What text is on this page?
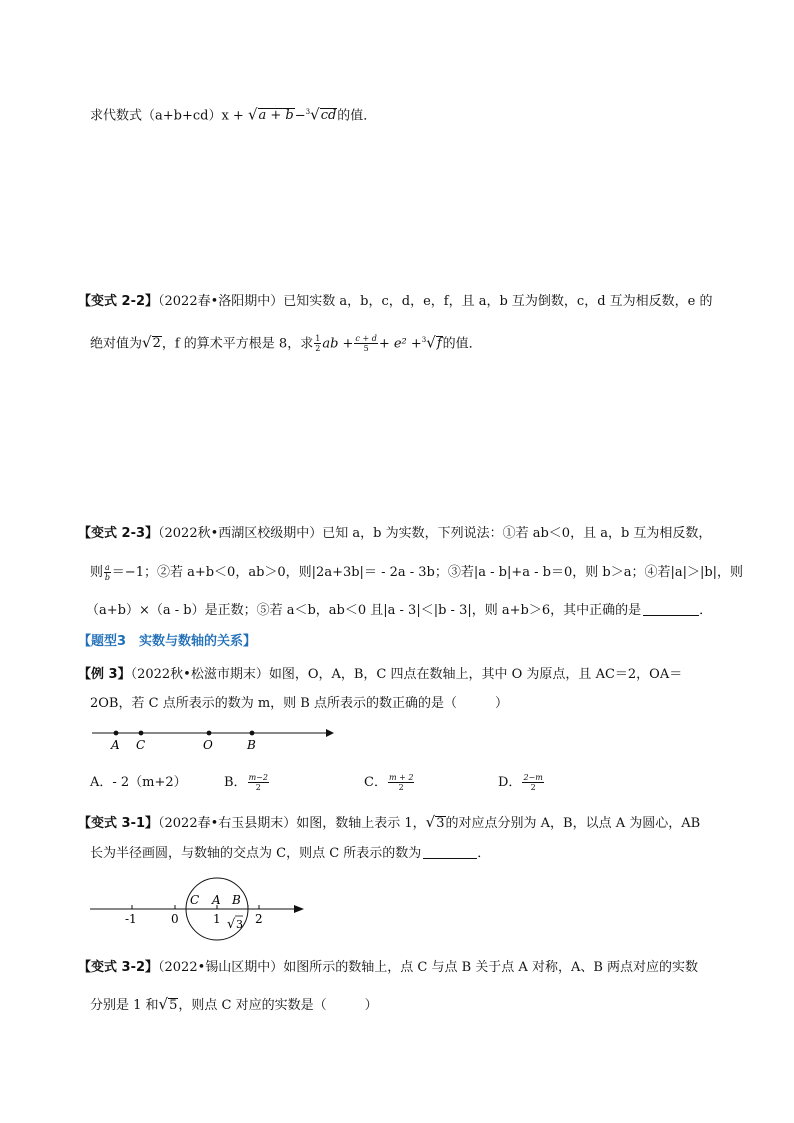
求代数式（a+b+cd）x + √a + b−$^3$√cd的值．
【变式 2-2】（2022春•洛阳期中）已知实数 a，b，c，d，e，f，且 a，b 互为倒数，c，d 互为相反数，e 的
绝对值为√2，f 的算术平方根是 8，求 $\frac{1}{2}$ ab + $\frac{c + d}{5} + e^2 +^3√f$的值．
【变式 2-3】（2022秋•西湖区校级期中）已知 a，b 为实数，下列说法：①若 ab＜0，且 a，b 互为相反数，
则 $\frac{a}{b} =-1$；②若 a+b＜0，ab＞0，则|2a+3b|＝ - 2a - 3b；③若|a - b|+a - b＝0，则 b＞a；④若|a|＞|b|，则
（a+b）×（a - b）是正数；⑤若 a＜b，ab＜0 且|a - 3|＜|b - 3|，则 a+b＞6，其中正确的是	．
【题型3　实数与数轴的关系】
【例 3】（2022秋•松滋市期末）如图，O，A，B，C 四点在数轴上，其中 O 为原点，且 AC＝2，OA＝
2OB，若 C 点所表示的数为 m，则 B 点所表示的数正确的是（	）
A C	O	B
A．- 2（m+2）	B． $\frac{m-2}{2}$	C． $\frac{m + 2}{2}$	D． $\frac{2-m}{2}$
【变式 3-1】（2022春•右玉县期末）如图，数轴上表示 1，√3的对应点分别为 A，B，以点 A 为圆心，AB
长为半径画圆，与数轴的交点为 C，则点 C 所表示的数为	．
-1	0	1	2
C A B
√ 3
【变式 3-2】（2022•锡山区期中）如图所示的数轴上，点 C 与点 B 关于点 A 对称，A、B 两点对应的实数
分别是 1 和√5，则点 C 对应的实数是（	）
